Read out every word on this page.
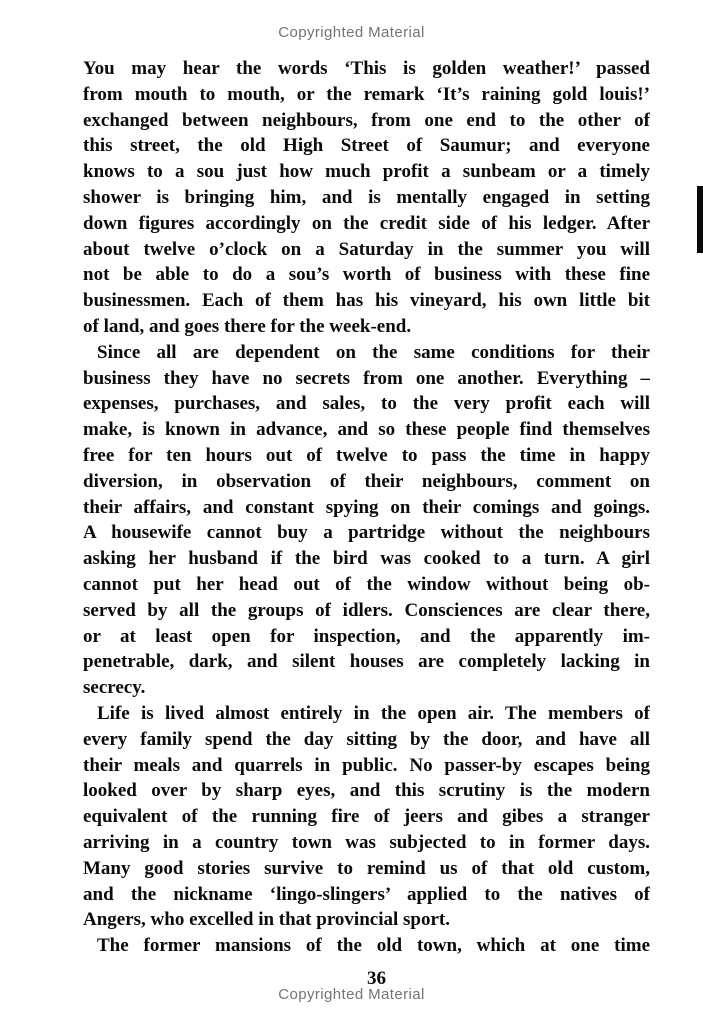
Copyrighted Material
You may hear the words ‘This is golden weather!’ passed
from mouth to mouth, or the remark ‘It’s raining gold louis!’
exchanged between neighbours, from one end to the other of
this street, the old High Street of Saumur; and everyone
knows to a sou just how much profit a sunbeam or a timely
shower is bringing him, and is mentally engaged in setting
down figures accordingly on the credit side of his ledger. After
about twelve o’clock on a Saturday in the summer you will
not be able to do a sou’s worth of business with these fine
businessmen. Each of them has his vineyard, his own little bit
of land, and goes there for the week-end.
Since all are dependent on the same conditions for their
business they have no secrets from one another. Everything –
expenses, purchases, and sales, to the very profit each will
make, is known in advance, and so these people find themselves
free for ten hours out of twelve to pass the time in happy
diversion, in observation of their neighbours, comment on
their affairs, and constant spying on their comings and goings.
A housewife cannot buy a partridge without the neighbours
asking her husband if the bird was cooked to a turn. A girl
cannot put her head out of the window without being ob-
served by all the groups of idlers. Consciences are clear there,
or at least open for inspection, and the apparently im-
penetrable, dark, and silent houses are completely lacking in
secrecy.
Life is lived almost entirely in the open air. The members of
every family spend the day sitting by the door, and have all
their meals and quarrels in public. No passer-by escapes being
looked over by sharp eyes, and this scrutiny is the modern
equivalent of the running fire of jeers and gibes a stranger
arriving in a country town was subjected to in former days.
Many good stories survive to remind us of that old custom,
and the nickname ‘lingo-slingers’ applied to the natives of
Angers, who excelled in that provincial sport.
The former mansions of the old town, which at one time
36
Copyrighted Material
